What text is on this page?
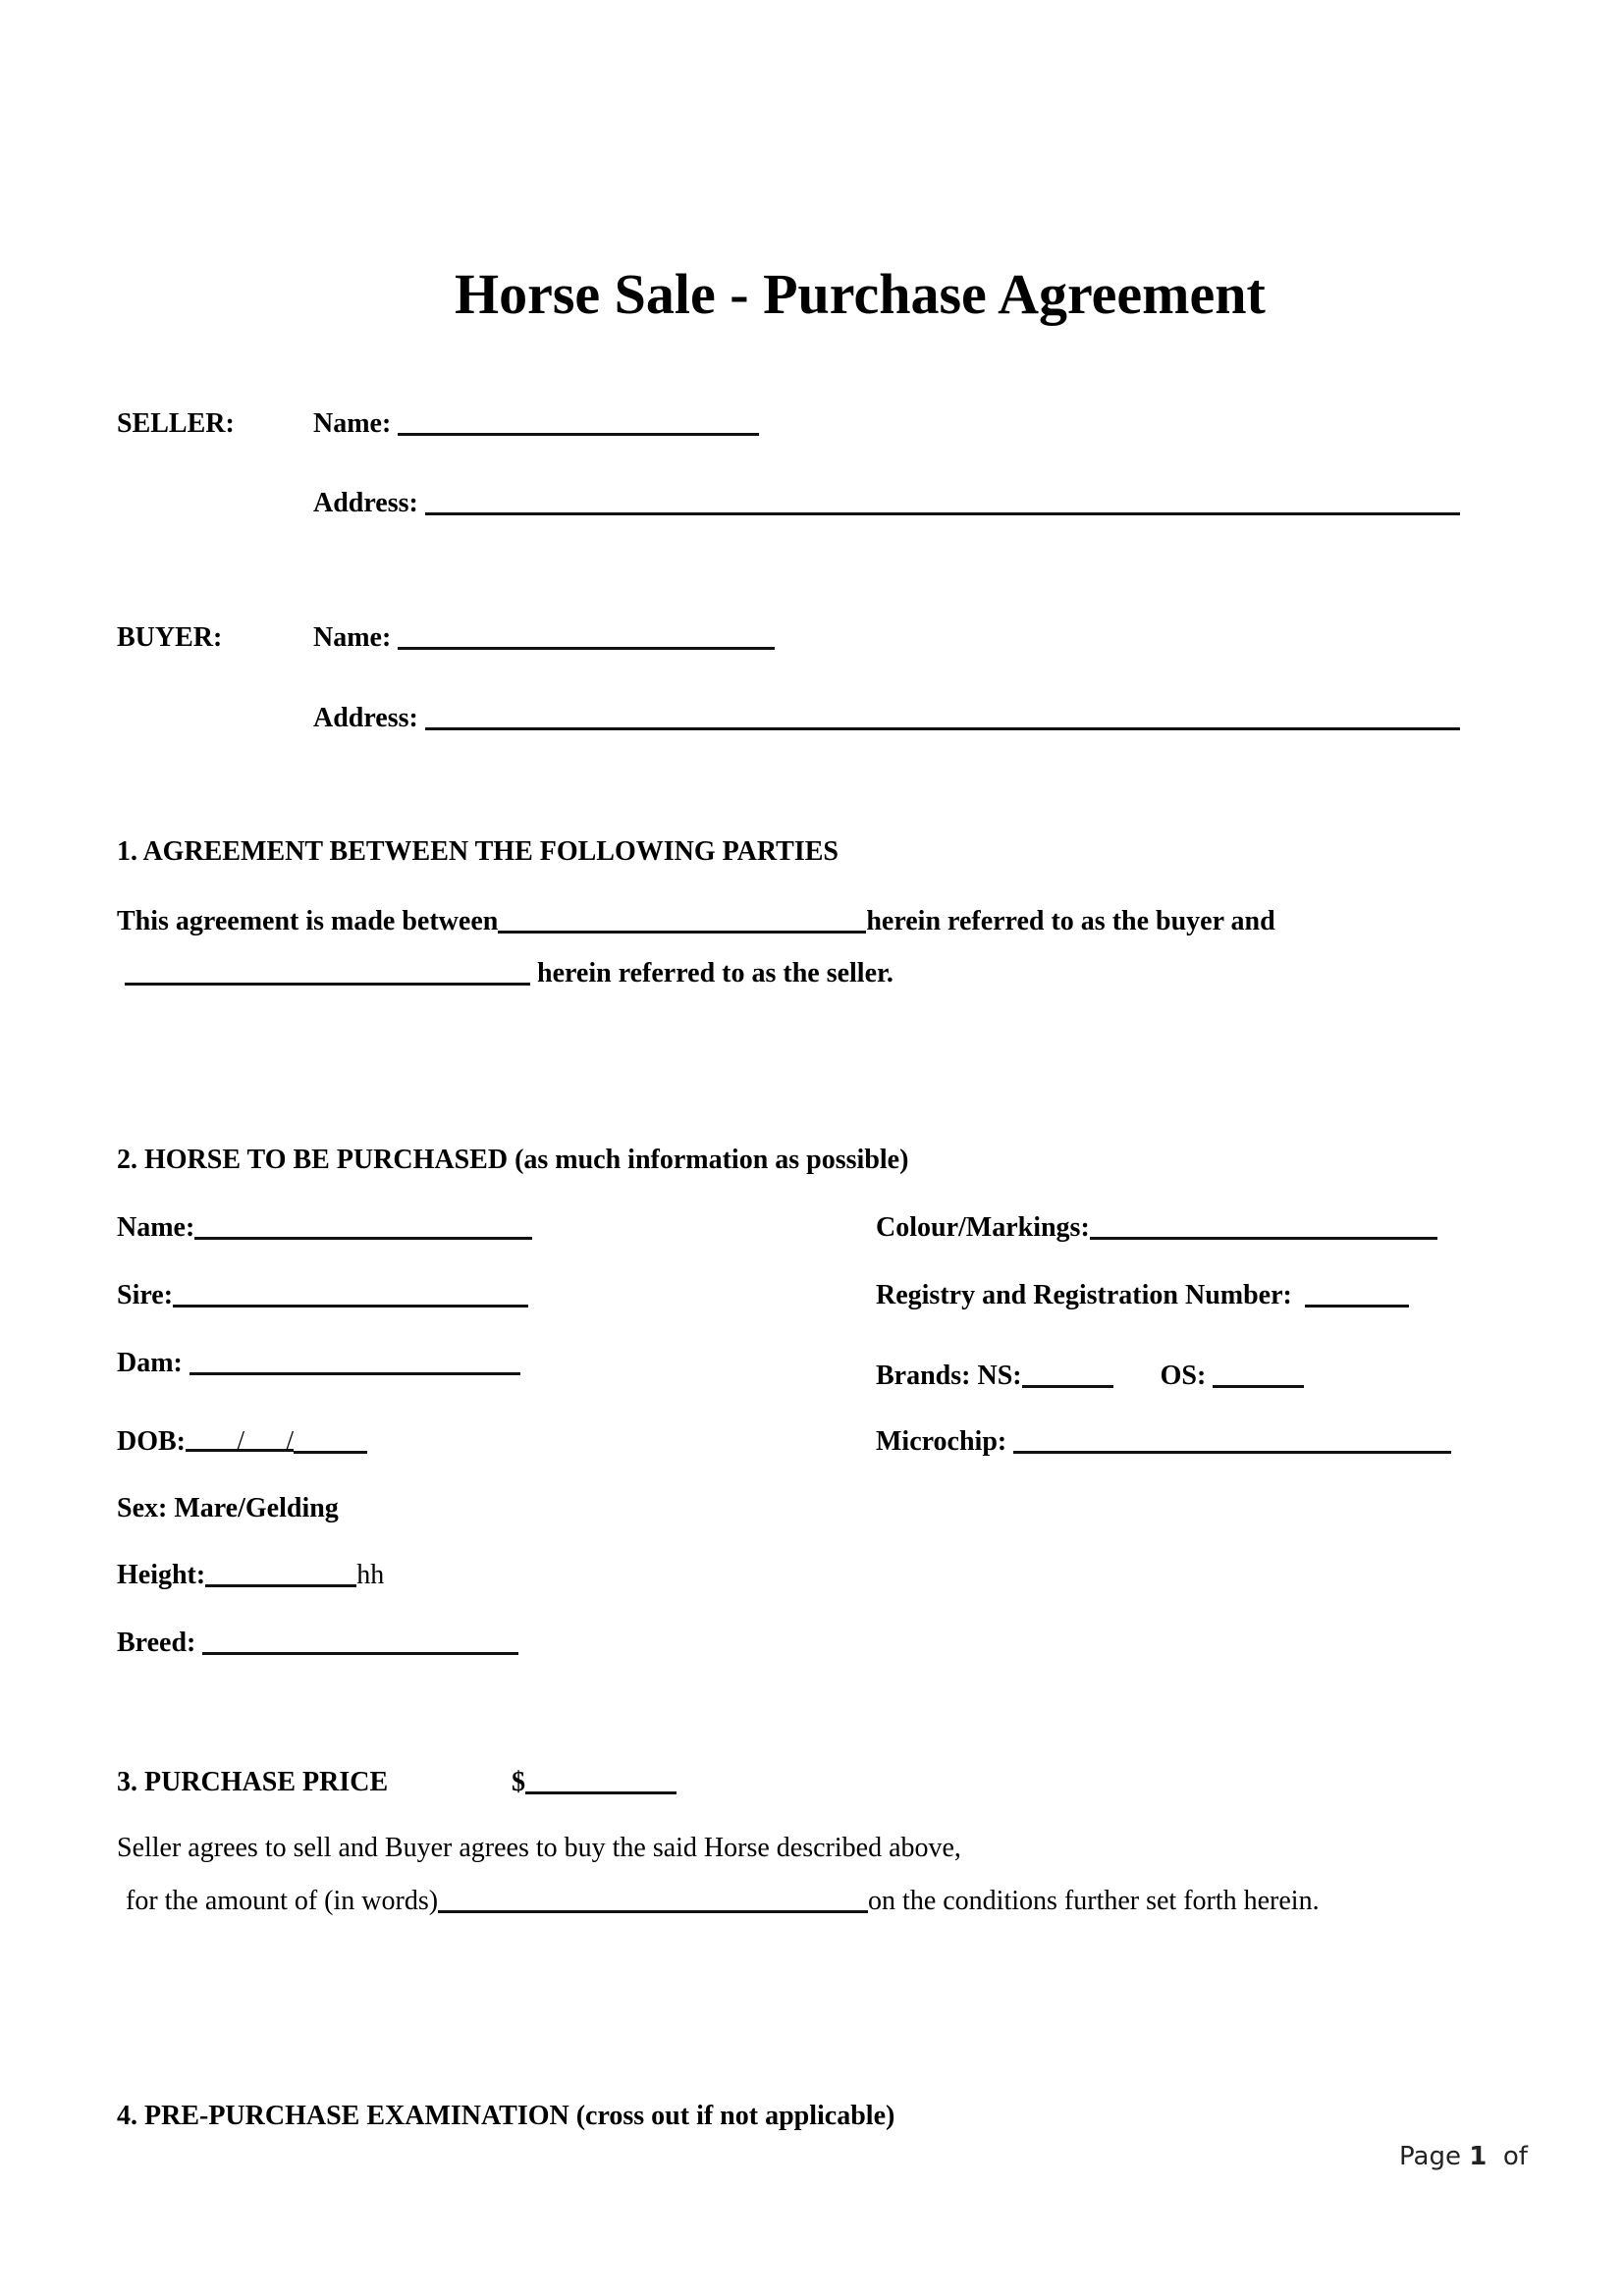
Horse Sale - Purchase Agreement
SELLER:	Name:
Address:
BUYER:	Name:
Address:
1. AGREEMENT BETWEEN THE FOLLOWING PARTIES
This agreement is made between	herein referred to as the buyer and
herein referred to as the seller.
2. HORSE TO BE PURCHASED (as much information as possible)
Name:
Sire:
Dam:
DOB: / /
Sex: Mare/Gelding
Height:	hh
Breed:
Colour/Markings:
Registry and Registration Number:
Brands: NS:	OS:
Microchip:
3. PURCHASE PRICE	$
Seller agrees to sell and Buyer agrees to buy the said Horse described above,
for the amount of (in words)	on the conditions further set forth herein.
4. PRE-PURCHASE EXAMINATION (cross out if not applicable)
Page 1  of
